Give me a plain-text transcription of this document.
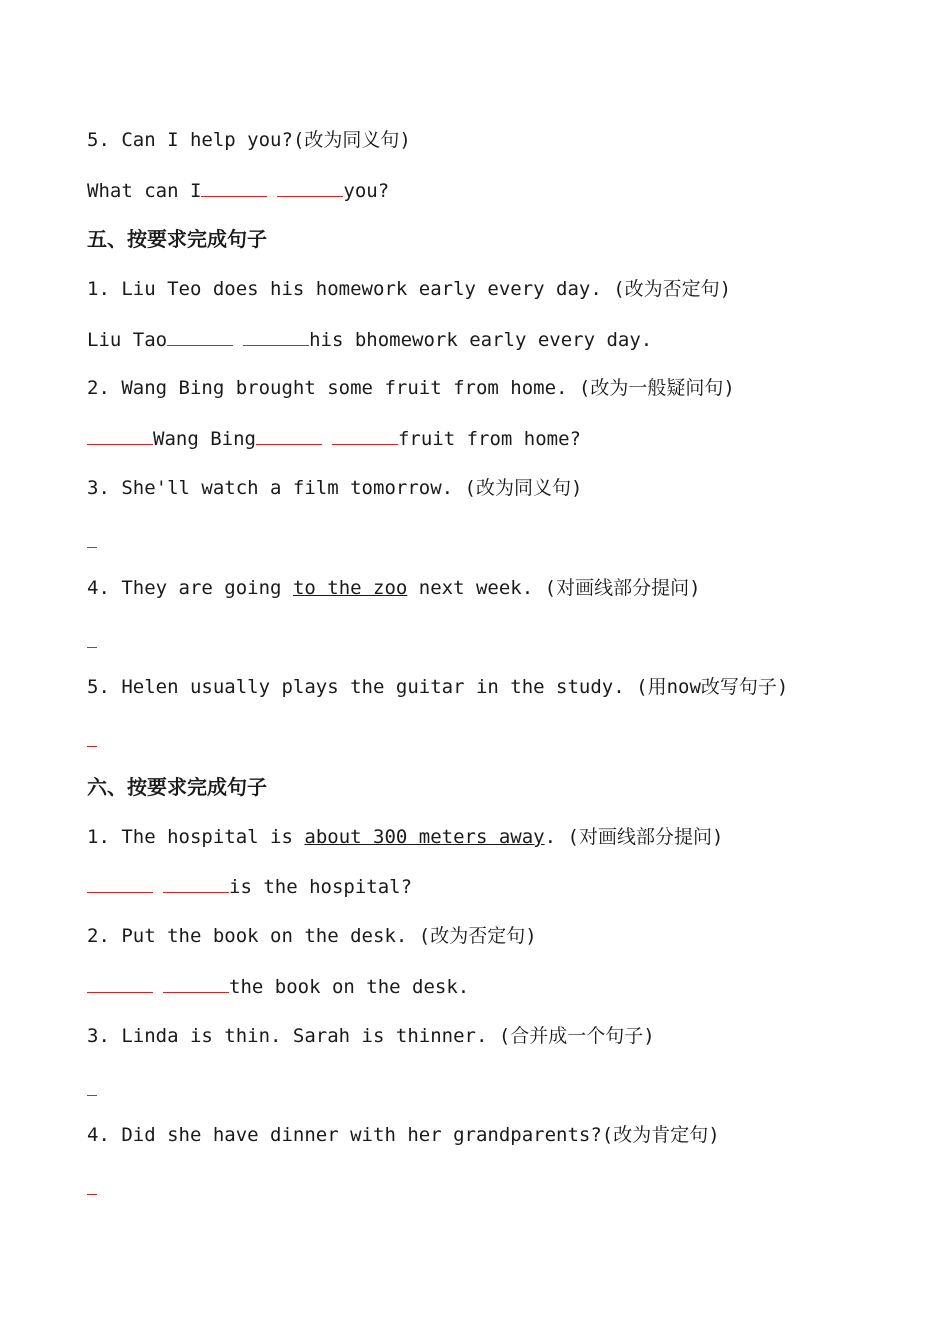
5. Can I help you?(改为同义句)
What can I	you?
五、按要求完成句子
1. Liu Teo does his homework early every day. (改为否定句)
Liu Tao	his bhomework early every day.
2. Wang Bing brought some fruit from home. (改为一般疑问句)
Wang Bing	fruit from home?
3. She'll watch a film tomorrow. (改为同义句)
4. They are going to the zoo next week. (对画线部分提问)
5. Helen usually plays the guitar in the study. (用now改写句子)
六、按要求完成句子
1. The hospital is about 300 meters away. (对画线部分提问)
is the hospital?
2. Put the book on the desk. (改为否定句)
the book on the desk.
3. Linda is thin. Sarah is thinner. (合并成一个句子)
4. Did she have dinner with her grandparents?(改为肯定句)
